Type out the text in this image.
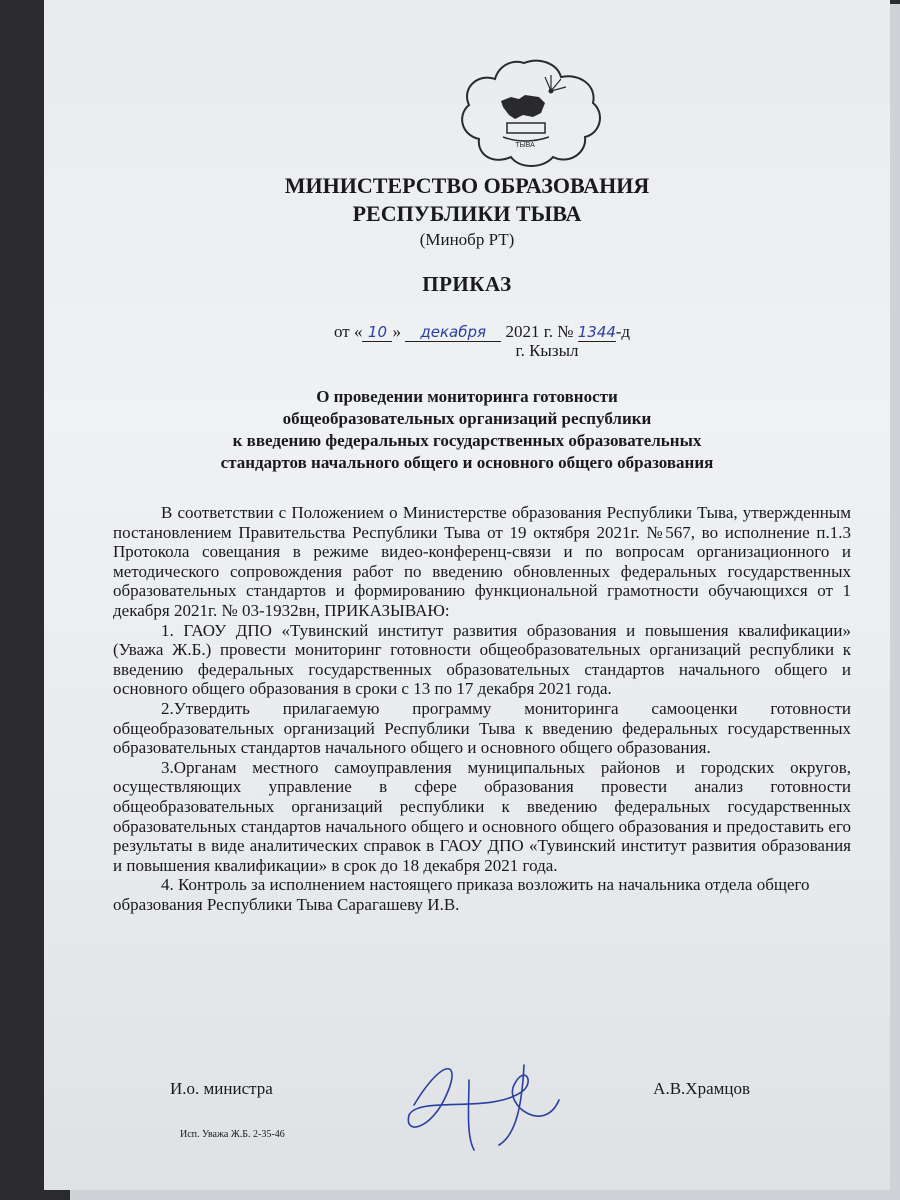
ТЫВА
МИНИСТЕРСТВО ОБРАЗОВАНИЯ
РЕСПУБЛИКИ ТЫВА
(Минобр РТ)
ПРИКАЗ
от « 10 » декабря 2021 г. № 1344-д
г. Кызыл
О проведении мониторинга готовности
общеобразовательных организаций республики
к введению федеральных государственных образовательных
стандартов начального общего и основного общего образования

В соответствии с Положением о Министерстве образования Республики Тыва, утвержденным постановлением Правительства Республики Тыва от 19 октября 2021г. №567, во исполнение п.1.3 Протокола совещания в режиме видео-конференц-связи и по вопросам организационного и методического сопровождения работ по введению обновленных федеральных государственных образовательных стандартов и формированию функциональной грамотности обучающихся от 1 декабря 2021г. № 03-1932вн, ПРИКАЗЫВАЮ:

1. ГАОУ ДПО «Тувинский институт развития образования и повышения квалификации» (Уважа Ж.Б.) провести мониторинг готовности общеобразовательных организаций республики к введению федеральных государственных образовательных стандартов начального общего и основного общего образования в сроки с 13 по 17 декабря 2021 года.

2.Утвердить прилагаемую программу мониторинга самооценки готовности общеобразовательных организаций Республики Тыва к введению федеральных государственных образовательных стандартов начального общего и основного общего образования.

3.Органам местного самоуправления муниципальных районов и городских округов, осуществляющих управление в сфере образования провести анализ готовности общеобразовательных организаций республики к введению федеральных государственных образовательных стандартов начального общего и основного общего образования и предоставить его результаты в виде аналитических справок в ГАОУ ДПО «Тувинский институт развития образования и повышения квалификации» в срок до 18 декабря 2021 года.

4. Контроль за исполнением настоящего приказа возложить на начальника отдела общего образования Республики Тыва Сарагашеву И.В.

И.о. министра	А.В.Храмцов
Исп. Уважа Ж.Б. 2-35-46
